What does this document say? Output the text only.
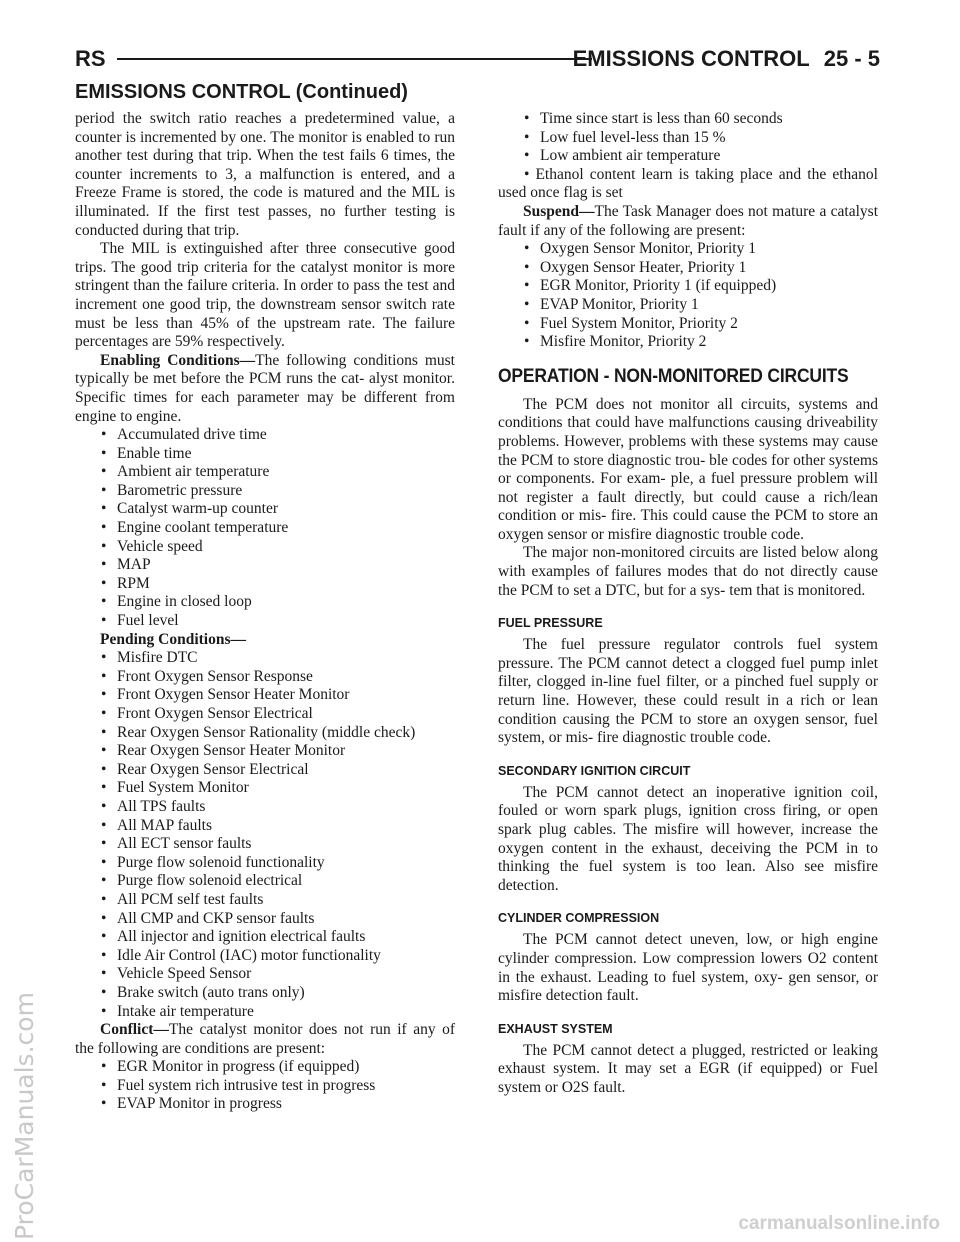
RS	EMISSIONS CONTROL 25 - 5
EMISSIONS CONTROL (Continued)

period the switch ratio reaches a predetermined value, a counter is incremented by one. The monitor is enabled to run another test during that trip. When the test fails 6 times, the counter increments to 3, a malfunction is entered, and a Freeze Frame is stored, the code is matured and the MIL is illuminated. If the first test passes, no further testing is conducted during that trip.

The MIL is extinguished after three consecutive good trips. The good trip criteria for the catalyst monitor is more stringent than the failure criteria. In order to pass the test and increment one good trip, the downstream sensor switch rate must be less than 45% of the upstream rate. The failure percentages are 59% respectively.

Enabling Conditions—The following conditions must typically be met before the PCM runs the cat- alyst monitor. Specific times for each parameter may be different from engine to engine.

• Accumulated drive time
• Enable time
• Ambient air temperature
• Barometric pressure
• Catalyst warm-up counter
• Engine coolant temperature
• Vehicle speed
• MAP
• RPM
• Engine in closed loop
• Fuel level

Pending Conditions—

• Misfire DTC
• Front Oxygen Sensor Response
• Front Oxygen Sensor Heater Monitor
• Front Oxygen Sensor Electrical
• Rear Oxygen Sensor Rationality (middle check)
• Rear Oxygen Sensor Heater Monitor
• Rear Oxygen Sensor Electrical
• Fuel System Monitor
• All TPS faults
• All MAP faults
• All ECT sensor faults
• Purge flow solenoid functionality
• Purge flow solenoid electrical
• All PCM self test faults
• All CMP and CKP sensor faults
• All injector and ignition electrical faults
• Idle Air Control (IAC) motor functionality
• Vehicle Speed Sensor
• Brake switch (auto trans only)
• Intake air temperature

Conflict—The catalyst monitor does not run if any of the following are conditions are present:

• EGR Monitor in progress (if equipped)
• Fuel system rich intrusive test in progress
• EVAP Monitor in progress
• Time since start is less than 60 seconds
• Low fuel level-less than 15 %
• Low ambient air temperature

• Ethanol content learn is taking place and the ethanol used once flag is set

Suspend—The Task Manager does not mature a catalyst fault if any of the following are present:

• Oxygen Sensor Monitor, Priority 1
• Oxygen Sensor Heater, Priority 1
• EGR Monitor, Priority 1 (if equipped)
• EVAP Monitor, Priority 1
• Fuel System Monitor, Priority 2
• Misfire Monitor, Priority 2
OPERATION - NON-MONITORED CIRCUITS

The PCM does not monitor all circuits, systems and conditions that could have malfunctions causing driveability problems. However, problems with these systems may cause the PCM to store diagnostic trou- ble codes for other systems or components. For exam- ple, a fuel pressure problem will not register a fault directly, but could cause a rich/lean condition or mis- fire. This could cause the PCM to store an oxygen sensor or misfire diagnostic trouble code.

The major non-monitored circuits are listed below along with examples of failures modes that do not directly cause the PCM to set a DTC, but for a sys- tem that is monitored.

FUEL PRESSURE

The fuel pressure regulator controls fuel system pressure. The PCM cannot detect a clogged fuel pump inlet filter, clogged in-line fuel filter, or a pinched fuel supply or return line. However, these could result in a rich or lean condition causing the PCM to store an oxygen sensor, fuel system, or mis- fire diagnostic trouble code.

SECONDARY IGNITION CIRCUIT

The PCM cannot detect an inoperative ignition coil, fouled or worn spark plugs, ignition cross firing, or open spark plug cables. The misfire will however, increase the oxygen content in the exhaust, deceiving the PCM in to thinking the fuel system is too lean. Also see misfire detection.

CYLINDER COMPRESSION

The PCM cannot detect uneven, low, or high engine cylinder compression. Low compression lowers O2 content in the exhaust. Leading to fuel system, oxy- gen sensor, or misfire detection fault.

EXHAUST SYSTEM

The PCM cannot detect a plugged, restricted or leaking exhaust system. It may set a EGR (if equipped) or Fuel system or O2S fault.

ProCarManuals.com	carmanualsonline.info
